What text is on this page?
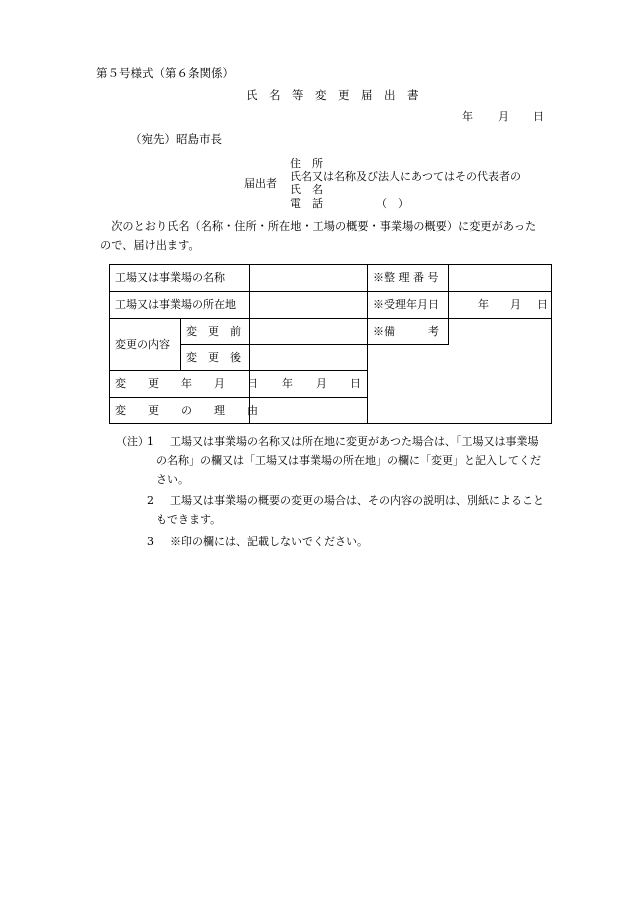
第５号様式（第６条関係）
氏　名　等　変　更　届　出　書
年 月 日
（宛先）昭島市長
届出者
住　所
氏名又は名称及び法人にあつてはその代表者の
氏　名
電　話	（　）
　次のとおり氏名（名称・住所・所在地・工場の概要・事業場の概要）に変更があった
ので、届け出ます。
工場又は事業場の名称
工場又は事業場の所在地
変更の内容
変　更　前
変　更　後
変　　更　　年　　月　　日 年 月 日
変　　更　　の　　理　　由
※整 理 番 号
※受理年月日	年 月 日
※備　　　考
（注）
1 工場又は事業場の名称又は所在地に変更があつた場合は、「工場又は事業場
の名称」の欄又は「工場又は事業場の所在地」の欄に「変更」と記入してくだ
さい。
2 工場又は事業場の概要の変更の場合は、その内容の説明は、別紙によること
もできます。
3 ※印の欄には、記載しないでください。
